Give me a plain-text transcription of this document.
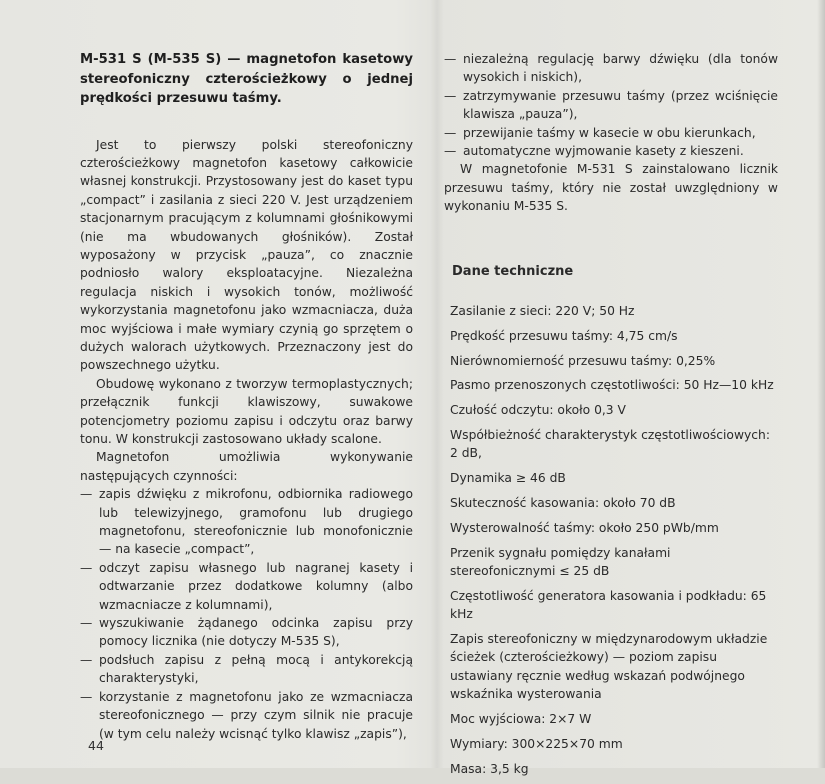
M-531 S (M-535 S) — magnetofon kasetowy stereofoniczny czterościeżkowy o jednej prędkości przesuwu taśmy.

Jest to pierwszy polski stereofoniczny czterościeżkowy magnetofon kasetowy całkowicie własnej konstrukcji. Przystosowany jest do kaset typu „compact” i zasilania z sieci 220 V. Jest urządzeniem stacjonarnym pracującym z kolumnami głośnikowymi (nie ma wbudowanych głośników). Został wyposażony w przycisk „pauza”, co znacznie podniosło walory eksploatacyjne. Niezależna regulacja niskich i wysokich tonów, możliwość wykorzystania magnetofonu jako wzmacniacza, duża moc wyjściowa i małe wymiary czynią go sprzętem o dużych walorach użytkowych. Przeznaczony jest do powszechnego użytku.

Obudowę wykonano z tworzyw termoplastycznych; przełącznik funkcji klawiszowy, suwakowe potencjometry poziomu zapisu i odczytu oraz barwy tonu. W konstrukcji zastosowano układy scalone.

Magnetofon umożliwia wykonywanie następujących czynności:

— zapis dźwięku z mikrofonu, odbiornika radiowego lub telewizyjnego, gramofonu lub drugiego magnetofonu, stereofonicznie lub monofonicznie — na kasecie „compact”,
— odczyt zapisu własnego lub nagranej kasety i odtwarzanie przez dodatkowe kolumny (albo wzmacniacze z kolumnami),
— wyszukiwanie żądanego odcinka zapisu przy pomocy licznika (nie dotyczy M-535 S),
— podsłuch zapisu z pełną mocą i antykorekcją charakterystyki,
— korzystanie z magnetofonu jako ze wzmacniacza stereofonicznego — przy czym silnik nie pracuje (w tym celu należy wcisnąć tylko klawisz „zapis”),
— niezależną regulację barwy dźwięku (dla tonów wysokich i niskich),
— zatrzymywanie przesuwu taśmy (przez wciśnięcie klawisza „pauza”),
— przewijanie taśmy w kasecie w obu kierunkach,
— automatyczne wyjmowanie kasety z kieszeni.

W magnetofonie M-531 S zainstalowano licznik przesuwu taśmy, który nie został uwzględniony w wykonaniu M-535 S.

Dane techniczne
Zasilanie z sieci: 220 V; 50 Hz
Prędkość przesuwu taśmy: 4,75 cm/s
Nierównomierność przesuwu taśmy: 0,25%
Pasmo przenoszonych częstotliwości: 50 Hz—10 kHz
Czułość odczytu: około 0,3 V
Współbieżność charakterystyk częstotliwościowych: 2 dB,
Dynamika ≥ 46 dB
Skuteczność kasowania: około 70 dB
Wysterowalność taśmy: około 250 pWb/mm
Przenik sygnału pomiędzy kanałami stereofonicznymi ≤ 25 dB
Częstotliwość generatora kasowania i podkładu: 65 kHz
Zapis stereofoniczny w międzynarodowym układzie ścieżek (czterościeżkowy) — poziom zapisu ustawiany ręcznie według wskazań podwójnego wskaźnika wysterowania
Moc wyjściowa: 2×7 W
Wymiary: 300×225×70 mm
Masa: 3,5 kg
44
